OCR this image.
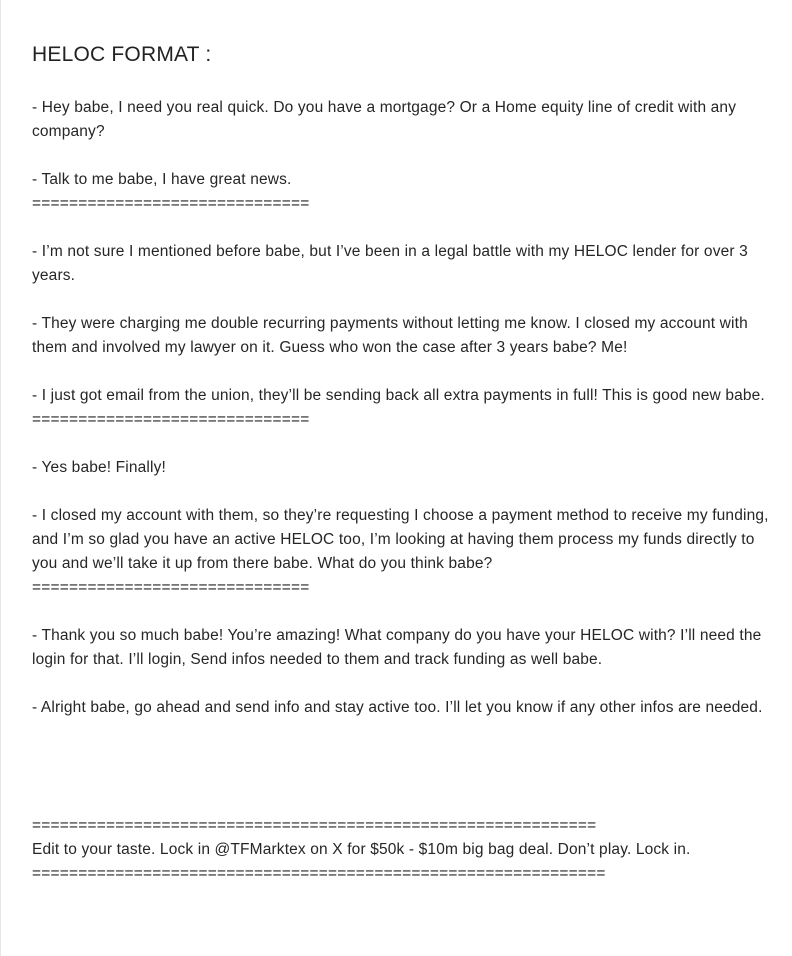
HELOC FORMAT :

- Hey babe, I need you real quick. Do you have a mortgage? Or a Home equity line of credit with any company?

- Talk to me babe, I have great news.

==============================

- I’m not sure I mentioned before babe, but I’ve been in a legal battle with my HELOC lender for over 3 years.

- They were charging me double recurring payments without letting me know. I closed my account with them and involved my lawyer on it. Guess who won the case after 3 years babe? Me!

- I just got email from the union, they’ll be sending back all extra payments in full! This is good new babe.

==============================

- Yes babe! Finally!

- I closed my account with them, so they’re requesting I choose a payment method to receive my funding, and I’m so glad you have an active HELOC too, I’m looking at having them process my funds directly to you and we’ll take it up from there babe. What do you think babe?

==============================

- Thank you so much babe! You’re amazing! What company do you have your HELOC with? I’ll need the login for that. I’ll login, Send infos needed to them and track funding as well babe.

- Alright babe, go ahead and send info and stay active too. I’ll let you know if any other infos are needed.

=============================================================

Edit to your taste. Lock in @TFMarktex on X for $50k - $10m big bag deal. Don’t play. Lock in.

==============================================================
